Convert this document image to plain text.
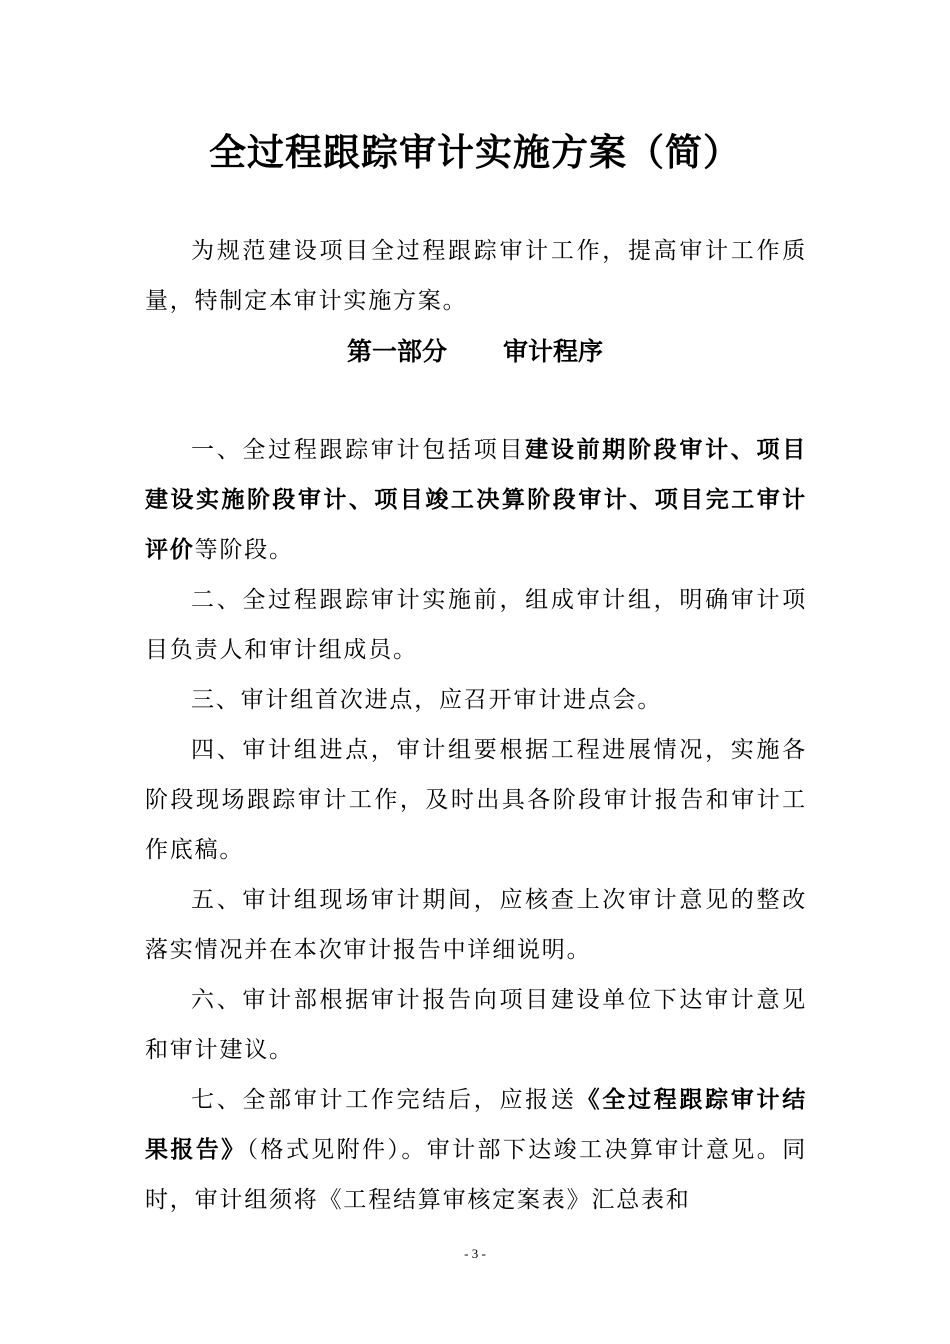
全过程跟踪审计实施方案（简）

为规范建设项目全过程跟踪审计工作，提高审计工作质量，特制定本审计实施方案。

第一部分 审计程序

一、全过程跟踪审计包括项目建设前期阶段审计、项目建设实施阶段审计、项目竣工决算阶段审计、项目完工审计评价等阶段。

二、全过程跟踪审计实施前，组成审计组，明确审计项目负责人和审计组成员。

三、审计组首次进点，应召开审计进点会。

四、审计组进点，审计组要根据工程进展情况，实施各阶段现场跟踪审计工作，及时出具各阶段审计报告和审计工作底稿。

五、审计组现场审计期间，应核查上次审计意见的整改落实情况并在本次审计报告中详细说明。

六、审计部根据审计报告向项目建设单位下达审计意见和审计建议。

七、全部审计工作完结后，应报送《全过程跟踪审计结果报告》（格式见附件）。审计部下达竣工决算审计意见。同时，审计组须将《工程结算审核定案表》汇总表和

- 3 -
